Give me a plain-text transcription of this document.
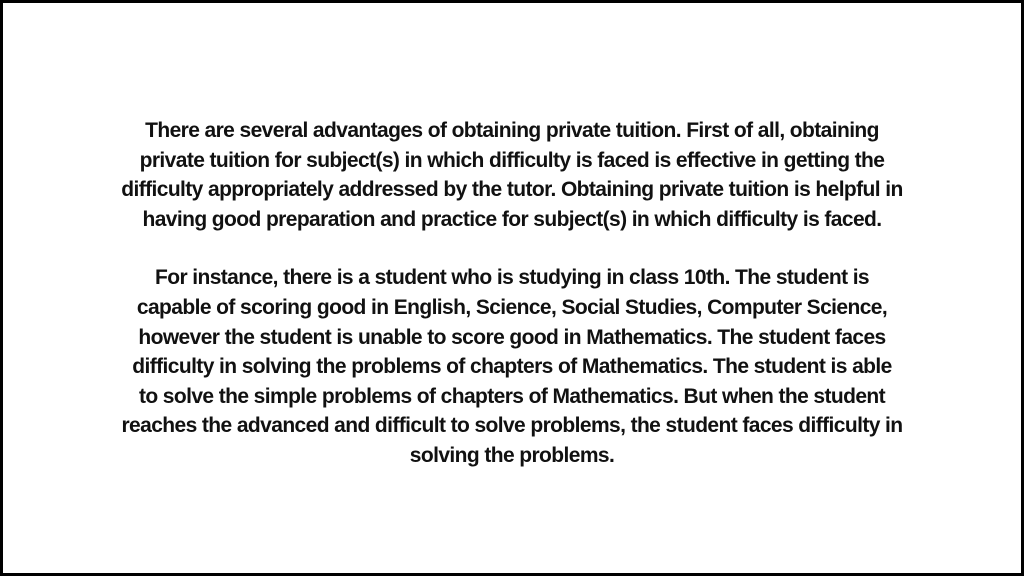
There are several advantages of obtaining private tuition. First of all, obtaining
private tuition for subject(s) in which difficulty is faced is effective in getting the
difficulty appropriately addressed by the tutor. Obtaining private tuition is helpful in
having good preparation and practice for subject(s) in which difficulty is faced.

For instance, there is a student who is studying in class 10th. The student is
capable of scoring good in English, Science, Social Studies, Computer Science,
however the student is unable to score good in Mathematics. The student faces
difficulty in solving the problems of chapters of Mathematics. The student is able
to solve the simple problems of chapters of Mathematics. But when the student
reaches the advanced and difficult to solve problems, the student faces difficulty in
solving the problems.
